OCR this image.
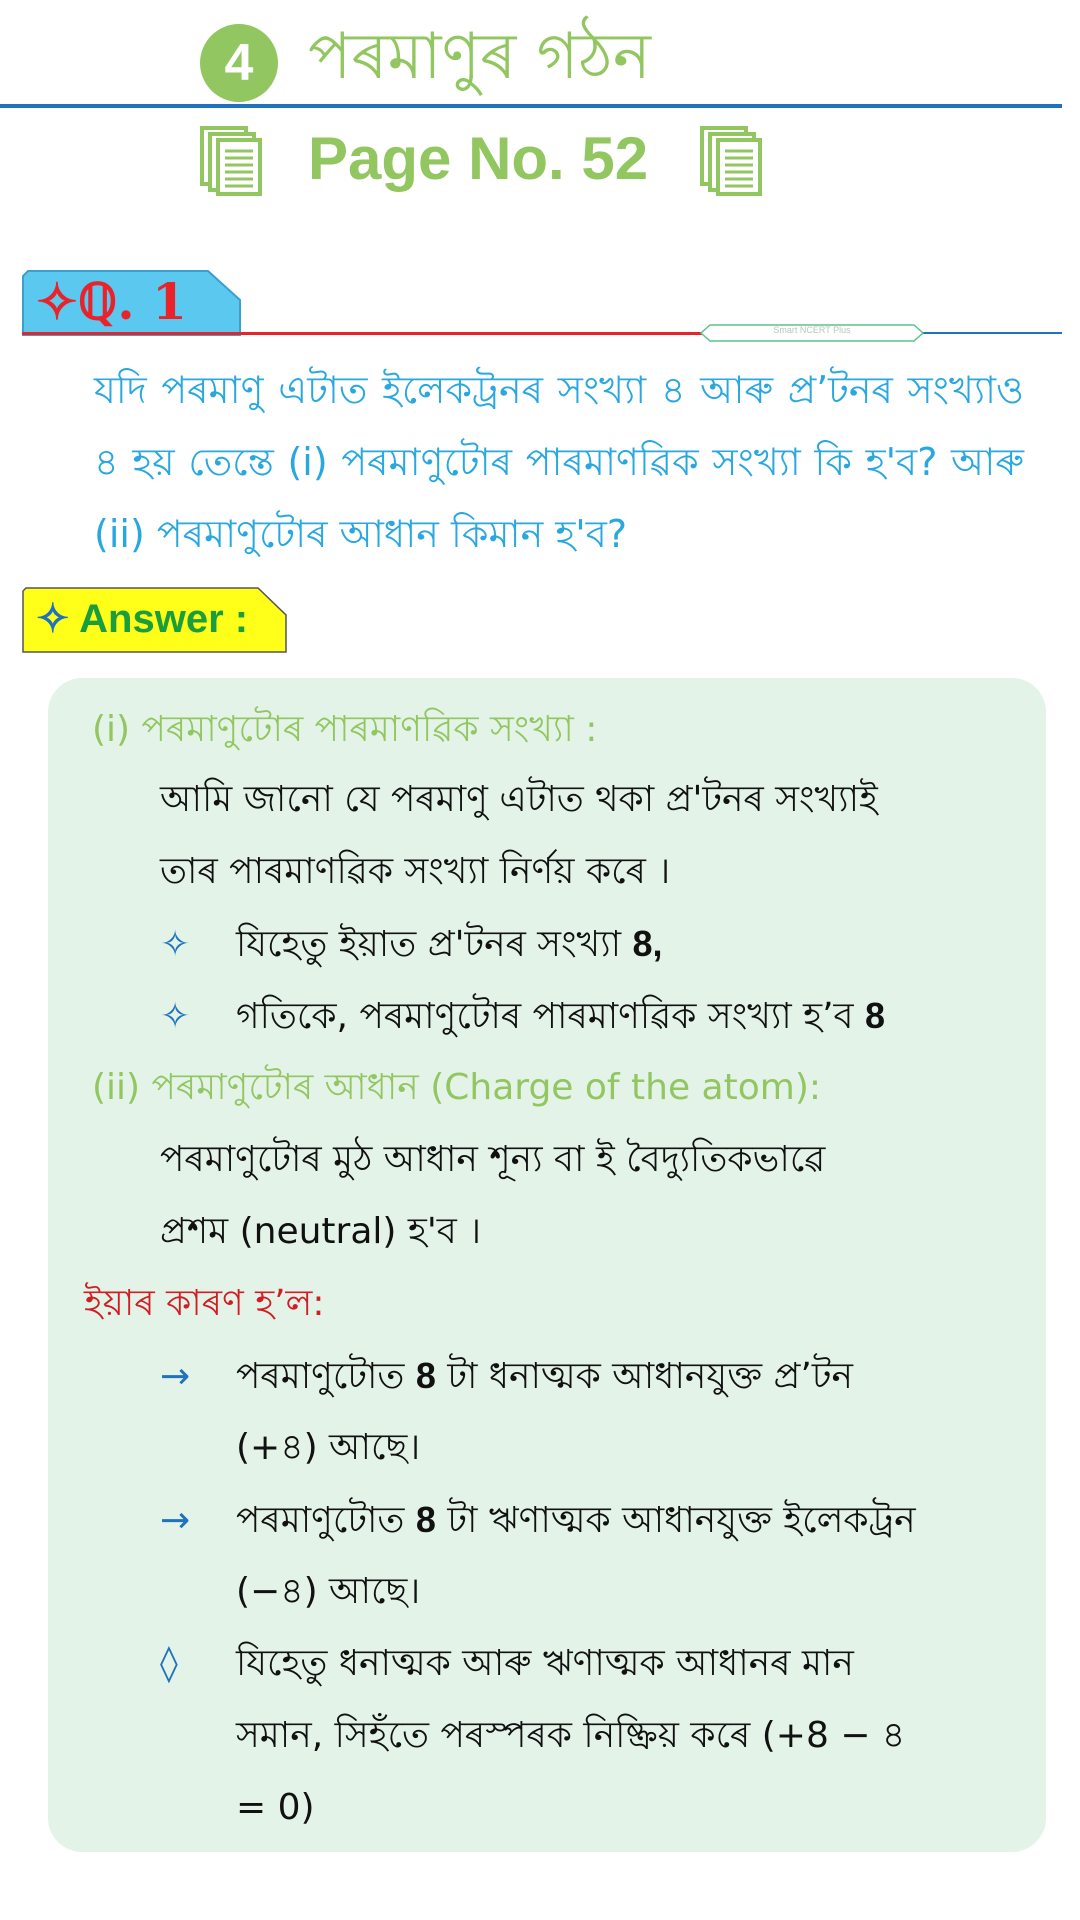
4 পৰমাণুৰ গঠন
Page No. 52
✧ℚ. 1	Smart NCERT Plus
যদি পৰমাণু এটাত ইলেকট্ৰনৰ সংখ্যা ৪ আৰু প্ৰ’টনৰ সংখ্যাও ৪ হয় তেন্তে (i) পৰমাণুটোৰ পাৰমাণৱিক সংখ্যা কি হ'ব? আৰু (ii) পৰমাণুটোৰ আধান কিমান হ'ব?
✧ Answer :
(i) পৰমাণুটোৰ পাৰমাণৱিক সংখ্যা :
আমি জানো যে পৰমাণু এটাত থকা প্ৰ'টনৰ সংখ্যাই
তাৰ পাৰমাণৱিক সংখ্যা নিৰ্ণয় কৰে ।
✧ যিহেতু ইয়াত প্ৰ'টনৰ সংখ্যা 8,
✧ গতিকে, পৰমাণুটোৰ পাৰমাণৱিক সংখ্যা হ’ব 8
(ii) পৰমাণুটোৰ আধান (Charge of the atom):
পৰমাণুটোৰ মুঠ আধান শূন্য বা ই বৈদ্যুতিকভাৱে
প্ৰশম (neutral) হ'ব ।
ইয়াৰ কাৰণ হ’ল:
→ পৰমাণুটোত 8 টা ধনাত্মক আধানযুক্ত প্ৰ’টন
(+৪) আছে।
→ পৰমাণুটোত 8 টা ঋণাত্মক আধানযুক্ত ইলেকট্ৰন
(−৪) আছে।
◊ যিহেতু ধনাত্মক আৰু ঋণাত্মক আধানৰ মান
সমান, সিহঁতে পৰস্পৰক নিষ্ক্ৰিয় কৰে (+8 − ৪
= 0)
